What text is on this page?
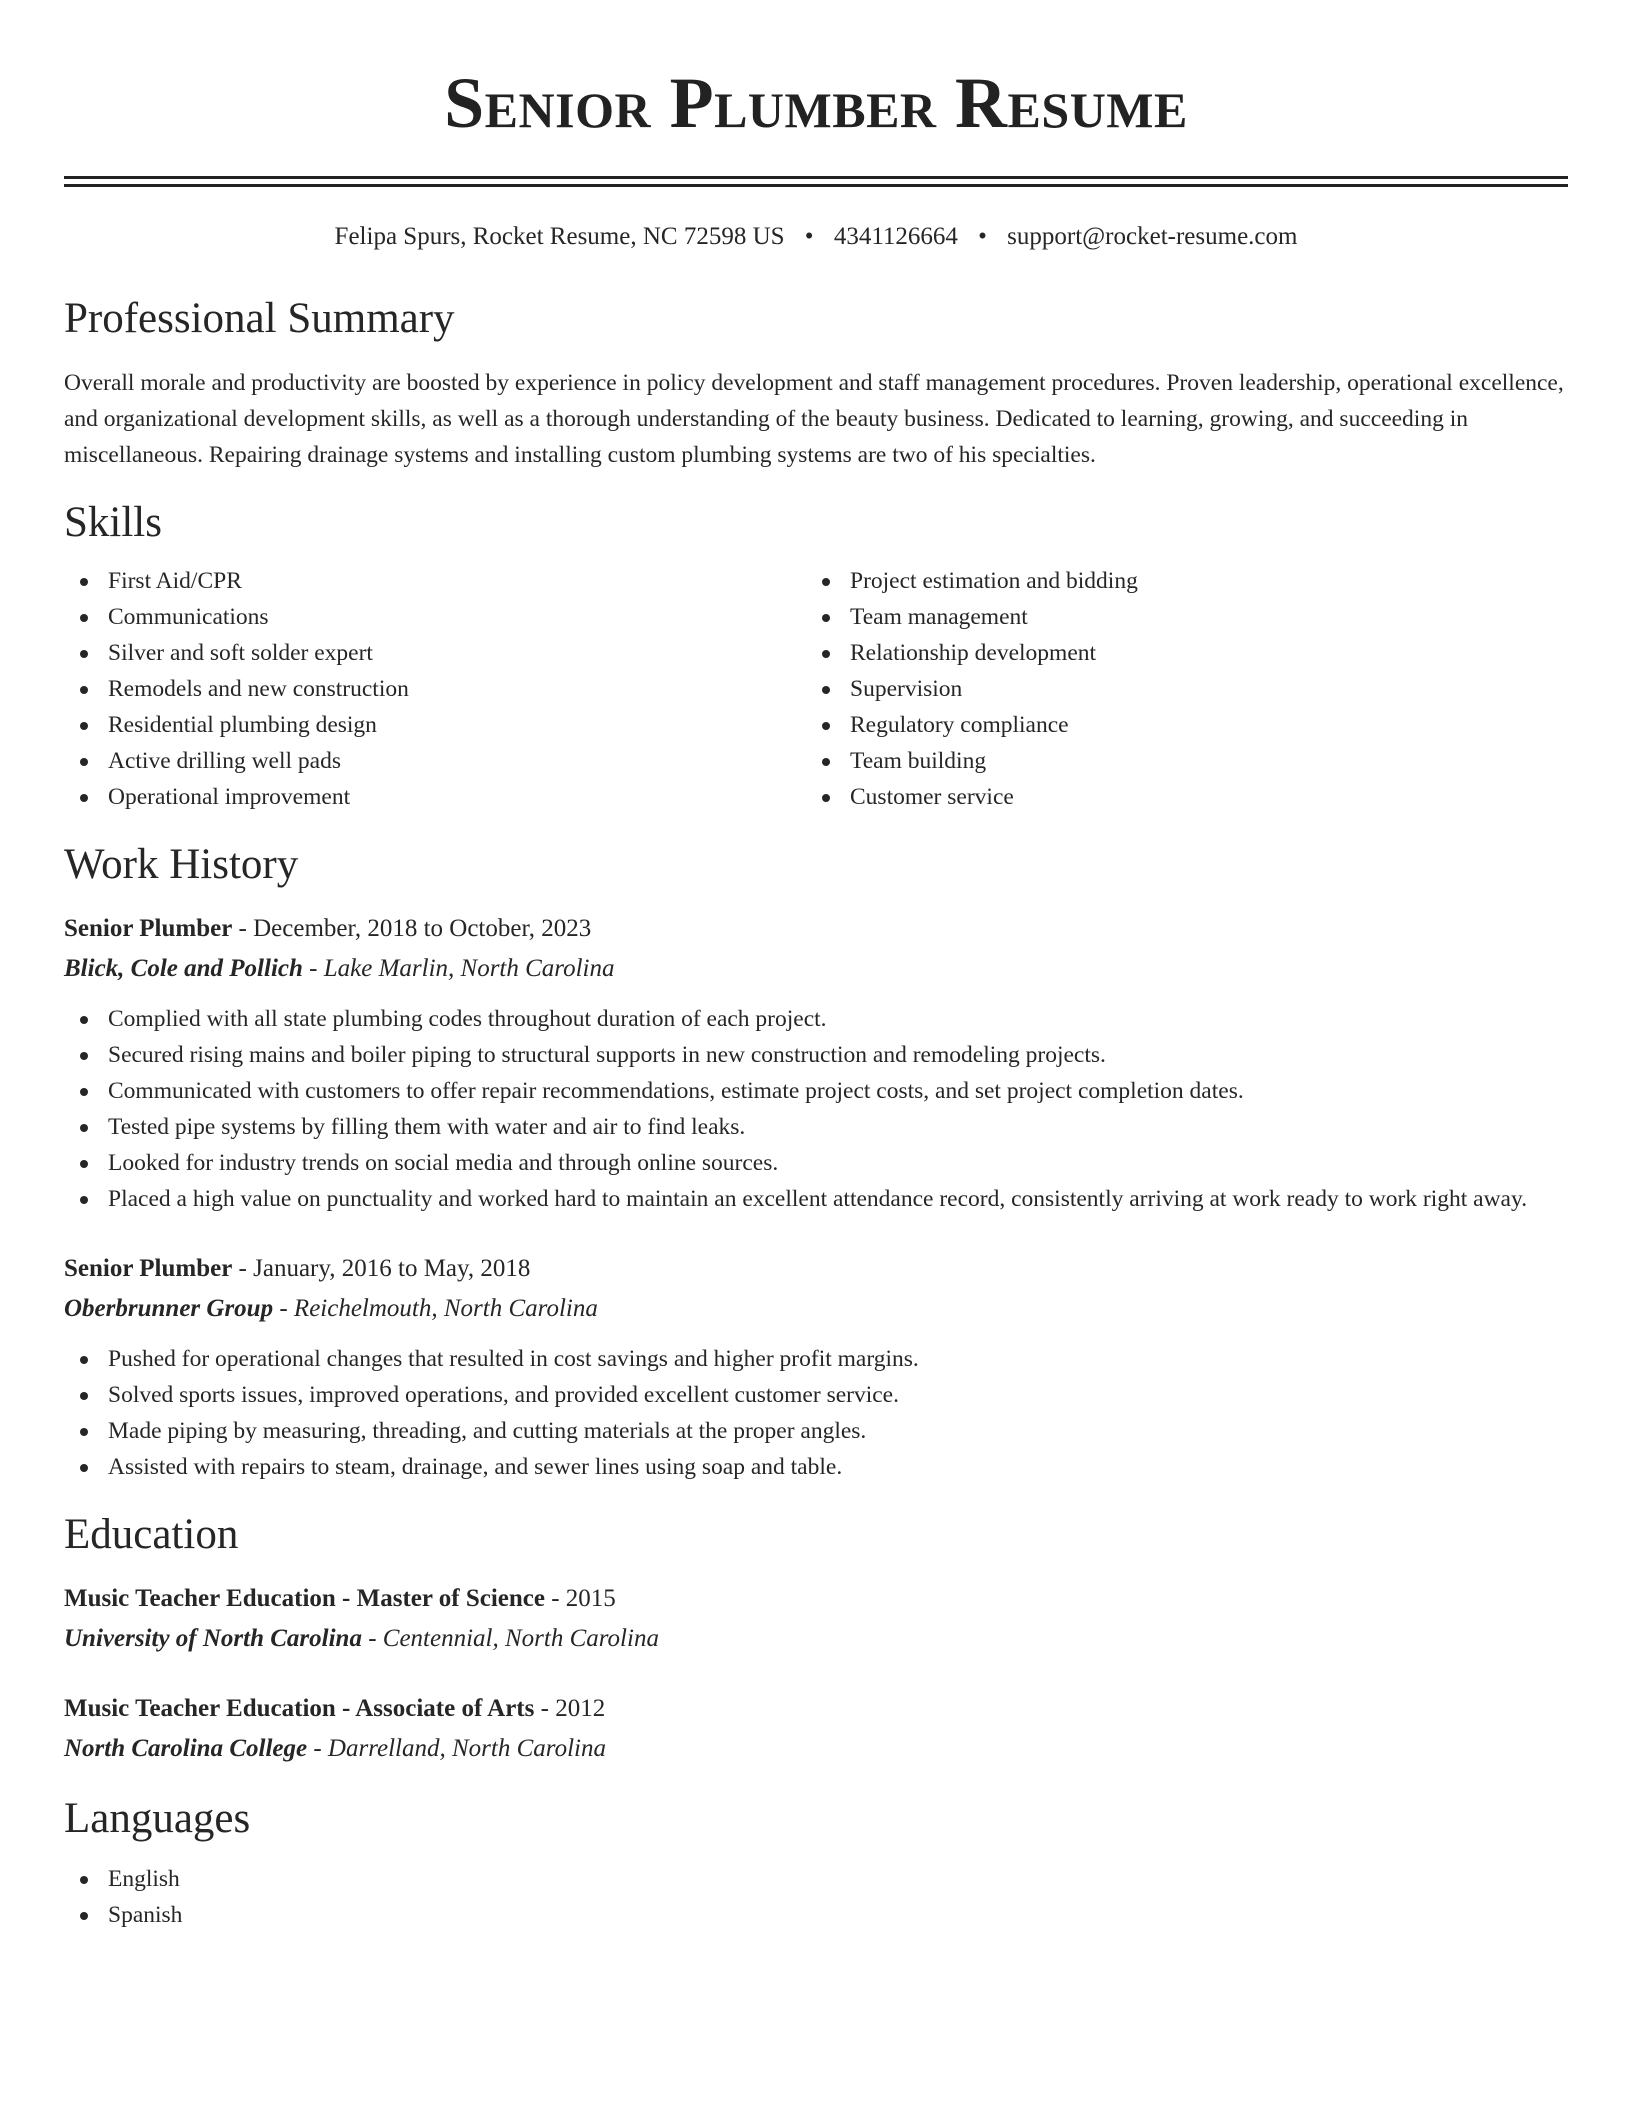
Senior Plumber Resume
Felipa Spurs, Rocket Resume, NC 72598 US • 4341126664 • support@rocket-resume.com
Professional Summary

Overall morale and productivity are boosted by experience in policy development and staff management procedures. Proven leadership, operational excellence, and organizational development skills, as well as a thorough understanding of the beauty business. Dedicated to learning, growing, and succeeding in miscellaneous. Repairing drainage systems and installing custom plumbing systems are two of his specialties.

Skills
First Aid/CPR
Communications
Silver and soft solder expert
Remodels and new construction
Residential plumbing design
Active drilling well pads
Operational improvement
Project estimation and bidding
Team management
Relationship development
Supervision
Regulatory compliance
Team building
Customer service
Work History
Senior Plumber - December, 2018 to October, 2023
Blick, Cole and Pollich - Lake Marlin, North Carolina
Complied with all state plumbing codes throughout duration of each project.
Secured rising mains and boiler piping to structural supports in new construction and remodeling projects.
Communicated with customers to offer repair recommendations, estimate project costs, and set project completion dates.
Tested pipe systems by filling them with water and air to find leaks.
Looked for industry trends on social media and through online sources.
Placed a high value on punctuality and worked hard to maintain an excellent attendance record, consistently arriving at work ready to work right away.
Senior Plumber - January, 2016 to May, 2018
Oberbrunner Group - Reichelmouth, North Carolina
Pushed for operational changes that resulted in cost savings and higher profit margins.
Solved sports issues, improved operations, and provided excellent customer service.
Made piping by measuring, threading, and cutting materials at the proper angles.
Assisted with repairs to steam, drainage, and sewer lines using soap and table.
Education
Music Teacher Education - Master of Science - 2015
University of North Carolina - Centennial, North Carolina
Music Teacher Education - Associate of Arts - 2012
North Carolina College - Darrelland, North Carolina
Languages
English
Spanish
